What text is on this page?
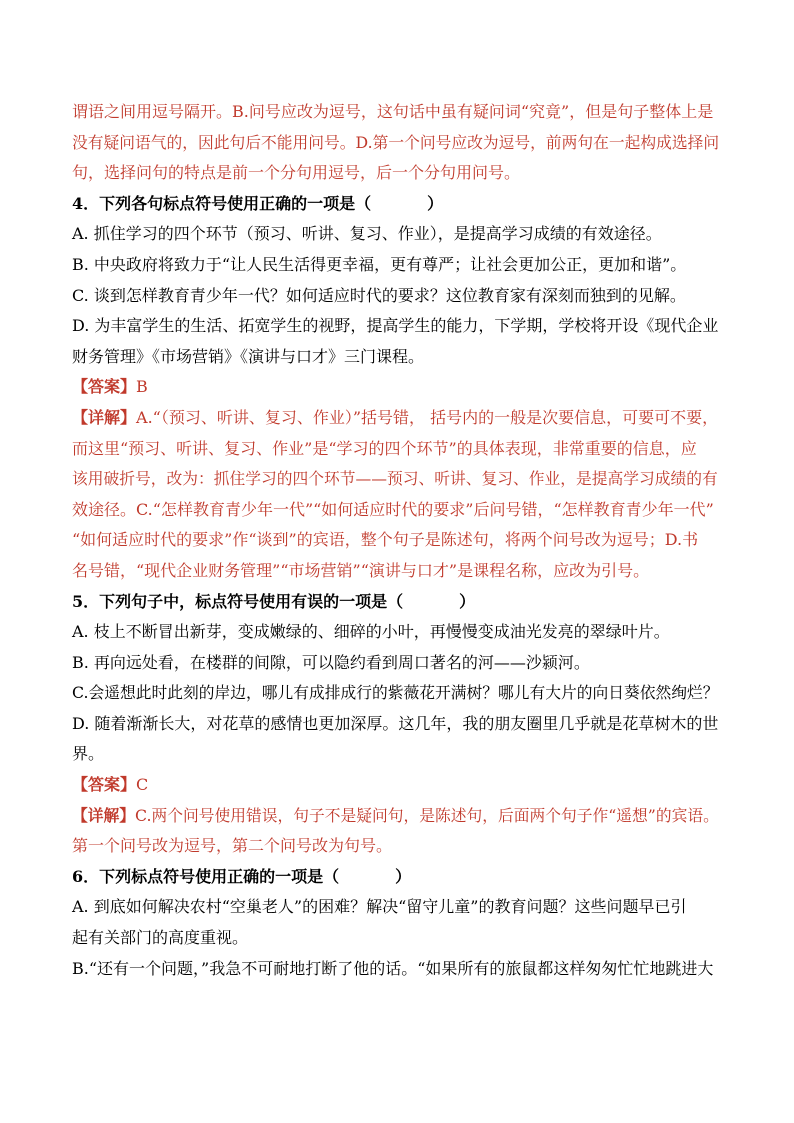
谓语之间用逗号隔开。B.问号应改为逗号，这句话中虽有疑问词“究竟”，但是句子整体上是
没有疑问语气的，因此句后不能用问号。D.第一个问号应改为逗号，前两句在一起构成选择问
句，选择问句的特点是前一个分句用逗号，后一个分句用问号。
4．下列各句标点符号使用正确的一项是（	）
A. 抓住学习的四个环节（预习、听讲、复习、作业），是提高学习成绩的有效途径。
B. 中央政府将致力于“让人民生活得更幸福，更有尊严；让社会更加公正，更加和谐”。
C. 谈到怎样教育青少年一代？如何适应时代的要求？这位教育家有深刻而独到的见解。
D. 为丰富学生的生活、拓宽学生的视野，提高学生的能力，下学期，学校将开设《现代企业
财务管理》《市场营销》《演讲与口才》三门课程。
【答案】B
【详解】A.“（预习、听讲、复习、作业）”括号错， 括号内的一般是次要信息，可要可不要，
而这里“预习、听讲、复习、作业”是“学习的四个环节”的具体表现，非常重要的信息，应
该用破折号，改为：抓住学习的四个环节——预习、听讲、复习、作业，是提高学习成绩的有
效途径。C.“怎样教育青少年一代”“如何适应时代的要求”后问号错，“怎样教育青少年一代”
“如何适应时代的要求”作“谈到”的宾语，整个句子是陈述句，将两个问号改为逗号；D.书
名号错，“现代企业财务管理”“市场营销”“演讲与口才”是课程名称，应改为引号。
5．下列句子中，标点符号使用有误的一项是（	）
A. 枝上不断冒出新芽，变成嫩绿的、细碎的小叶，再慢慢变成油光发亮的翠绿叶片。
B. 再向远处看，在楼群的间隙，可以隐约看到周口著名的河——沙颍河。
C.会遥想此时此刻的岸边，哪儿有成排成行的紫薇花开满树？哪儿有大片的向日葵依然绚烂？
D. 随着渐渐长大，对花草的感情也更加深厚。这几年，我的朋友圈里几乎就是花草树木的世
界。
【答案】C
【详解】C.两个问号使用错误，句子不是疑问句，是陈述句，后面两个句子作“遥想”的宾语。
第一个问号改为逗号，第二个问号改为句号。
6．下列标点符号使用正确的一项是（	）
A. 到底如何解决农村“空巢老人”的困难？解决“留守儿童”的教育问题？这些问题早已引
起有关部门的高度重视。
B.“还有一个问题，”我急不可耐地打断了他的话。“如果所有的旅鼠都这样匆匆忙忙地跳进大
